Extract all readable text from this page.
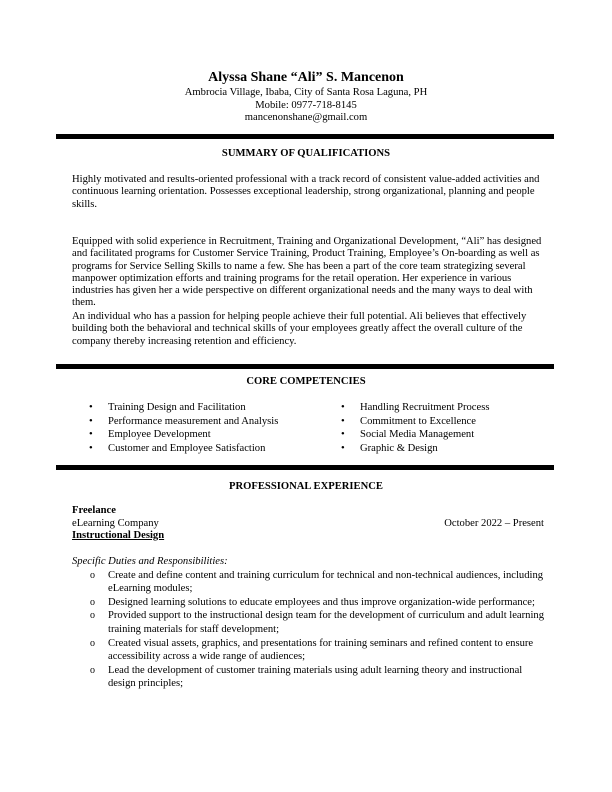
Alyssa Shane “Ali” S. Mancenon
Ambrocia Village, Ibaba, City of Santa Rosa Laguna, PH
Mobile: 0977-718-8145
mancenonshane@gmail.com
SUMMARY OF QUALIFICATIONS
Highly motivated and results-oriented professional with a track record of consistent value-added activities and continuous learning orientation. Possesses exceptional leadership, strong organizational, planning and people skills.
Equipped with solid experience in Recruitment, Training and Organizational Development, “Ali” has designed and facilitated programs for Customer Service Training, Product Training, Employee’s On-boarding as well as programs for Service Selling Skills to name a few. She has been a part of the core team strategizing several manpower optimization efforts and training programs for the retail operation. Her experience in various industries has given her a wide perspective on different organizational needs and the many ways to deal with them.
An individual who has a passion for helping people achieve their full potential. Ali believes that effectively building both the behavioral and technical skills of your employees greatly affect the overall culture of the company thereby increasing retention and efficiency.
CORE COMPETENCIES
• Training Design and Facilitation
• Performance measurement and Analysis
• Employee Development
• Customer and Employee Satisfaction
• Handling Recruitment Process
• Commitment to Excellence
• Social Media Management
• Graphic & Design
PROFESSIONAL EXPERIENCE
Freelance
eLearning Company	October 2022 – Present
Instructional Design
Specific Duties and Responsibilities:
o Create and define content and training curriculum for technical and non-technical audiences, including eLearning modules;
o Designed learning solutions to educate employees and thus improve organization-wide performance;
o Provided support to the instructional design team for the development of curriculum and adult learning training materials for staff development;
o Created visual assets, graphics, and presentations for training seminars and refined content to ensure accessibility across a wide range of audiences;
o Lead the development of customer training materials using adult learning theory and instructional design principles;
